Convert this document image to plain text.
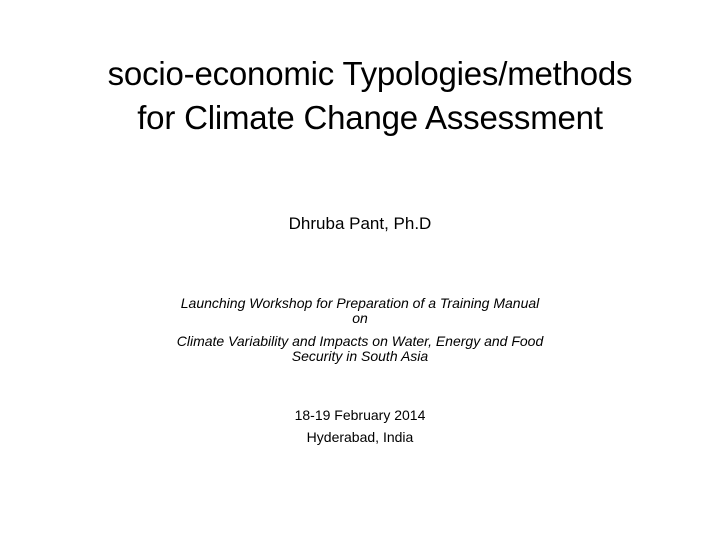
socio-economic Typologies/methods
for Climate Change Assessment
Dhruba Pant, Ph.D
Launching Workshop for Preparation of a Training Manual
on
Climate Variability and Impacts on Water, Energy and Food
Security in South Asia
18-19 February 2014
Hyderabad, India
